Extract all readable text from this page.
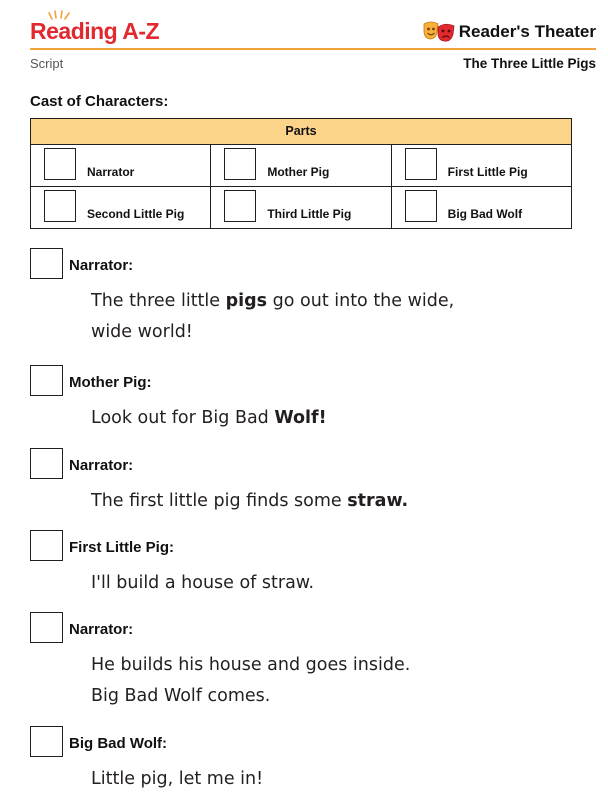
Reading A-Z	Reader's Theater
Script	The Three Little Pigs
Cast of Characters:
Parts
Narrator	Mother Pig	First Little Pig
Second Little Pig	Third Little Pig	Big Bad Wolf
Narrator:
The three little pigs go out into the wide,
wide world!
Mother Pig:
Look out for Big Bad Wolf!
Narrator:
The first little pig finds some straw.
First Little Pig:
I'll build a house of straw.
Narrator:
He builds his house and goes inside.
Big Bad Wolf comes.
Big Bad Wolf:
Little pig, let me in!
